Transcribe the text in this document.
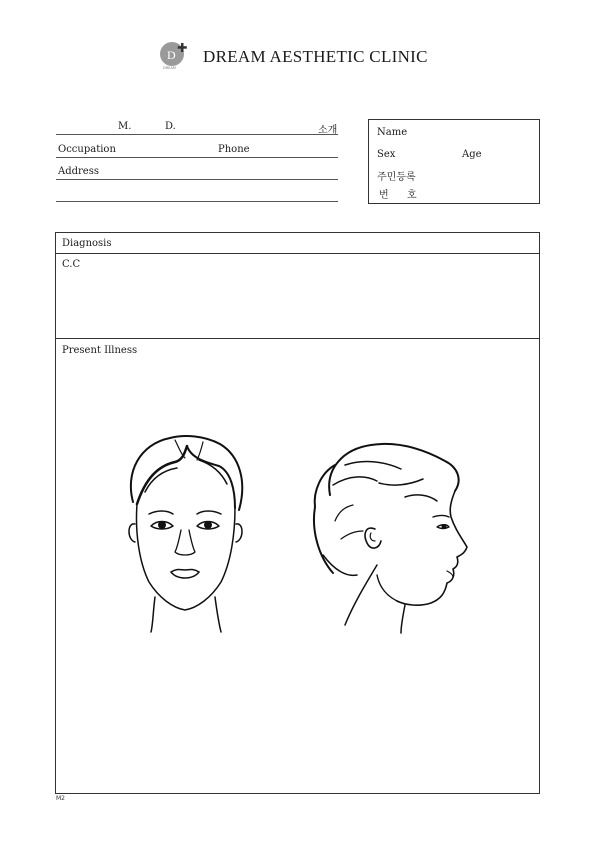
D
DREAM
DREAM AESTHETIC CLINIC
M.	D.	소개
Occupation	Phone
Address
Name
Sex	Age
주민등록
번 호
Diagnosis
C.C
Present Illness
M2
